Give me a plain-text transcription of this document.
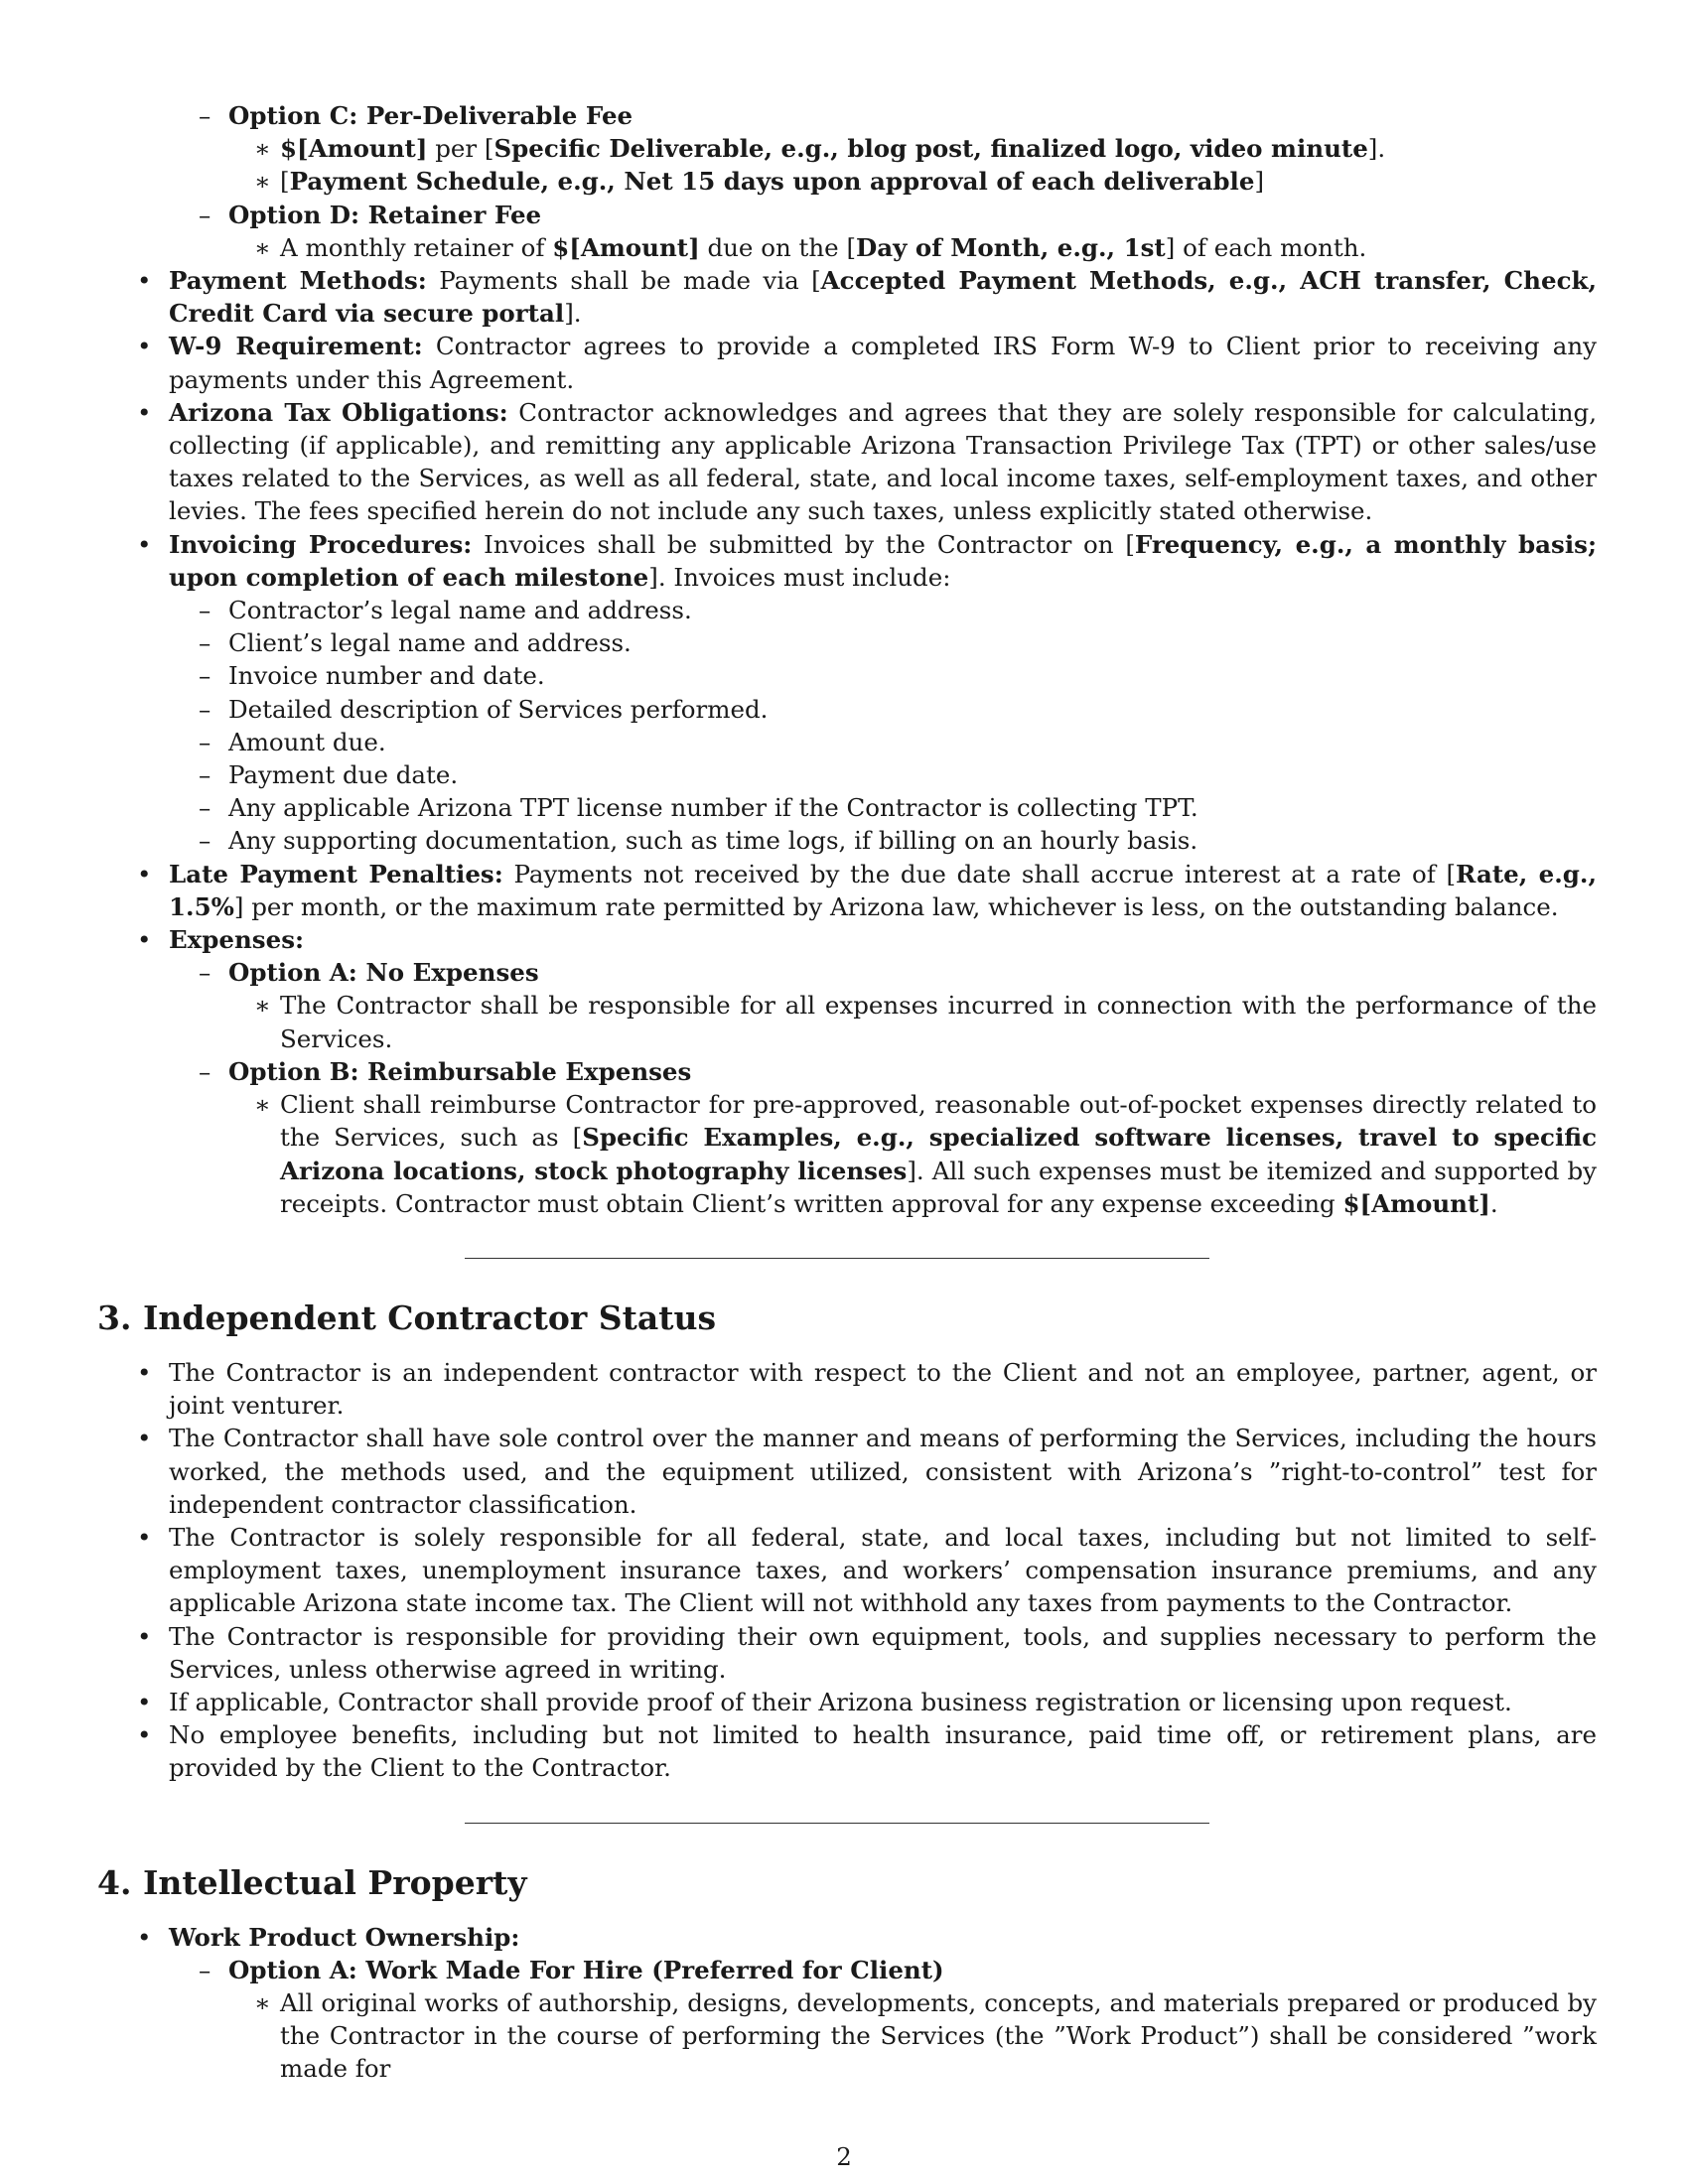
– Option C: Per-Deliverable Fee
∗ $[Amount] per [Specific Deliverable, e.g., blog post, finalized logo, video minute].
∗ [Payment Schedule, e.g., Net 15 days upon approval of each deliverable]
– Option D: Retainer Fee
∗ A monthly retainer of $[Amount] due on the [Day of Month, e.g., 1st] of each month.
• Payment Methods: Payments shall be made via [Accepted Payment Methods, e.g., ACH transfer, Check, Credit Card via secure portal].
• W-9 Requirement: Contractor agrees to provide a completed IRS Form W-9 to Client prior to receiving any payments under this Agreement.
• Arizona Tax Obligations: Contractor acknowledges and agrees that they are solely responsible for calculating, collecting (if applicable), and remitting any applicable Arizona Transaction Privilege Tax (TPT) or other sales/use taxes related to the Services, as well as all federal, state, and local income taxes, self-employment taxes, and other levies. The fees specified herein do not include any such taxes, unless explicitly stated otherwise.
• Invoicing Procedures: Invoices shall be submitted by the Contractor on [Frequency, e.g., a monthly basis; upon completion of each milestone]. Invoices must include:
– Contractor’s legal name and address.
– Client’s legal name and address.
– Invoice number and date.
– Detailed description of Services performed.
– Amount due.
– Payment due date.
– Any applicable Arizona TPT license number if the Contractor is collecting TPT.
– Any supporting documentation, such as time logs, if billing on an hourly basis.
• Late Payment Penalties: Payments not received by the due date shall accrue interest at a rate of [Rate, e.g., 1.5%] per month, or the maximum rate permitted by Arizona law, whichever is less, on the outstanding balance.
• Expenses:
– Option A: No Expenses
∗ The Contractor shall be responsible for all expenses incurred in connection with the performance of the Services.
– Option B: Reimbursable Expenses
∗ Client shall reimburse Contractor for pre-approved, reasonable out-of-pocket expenses directly related to the Services, such as [Specific Examples, e.g., specialized software licenses, travel to specific Arizona locations, stock photography licenses]. All such expenses must be itemized and supported by receipts. Contractor must obtain Client’s written approval for any expense exceeding $[Amount].
3. Independent Contractor Status
• The Contractor is an independent contractor with respect to the Client and not an employee, partner, agent, or joint venturer.
• The Contractor shall have sole control over the manner and means of performing the Services, including the hours worked, the methods used, and the equipment utilized, consistent with Arizona’s ”right-to-control” test for independent contractor classification.
• The Contractor is solely responsible for all federal, state, and local taxes, including but not limited to self-employment taxes, unemployment insurance taxes, and workers’ compensation insurance premiums, and any applicable Arizona state income tax. The Client will not withhold any taxes from payments to the Contractor.
• The Contractor is responsible for providing their own equipment, tools, and supplies necessary to perform the Services, unless otherwise agreed in writing.
• If applicable, Contractor shall provide proof of their Arizona business registration or licensing upon request.
• No employee benefits, including but not limited to health insurance, paid time off, or retirement plans, are provided by the Client to the Contractor.
4. Intellectual Property
• Work Product Ownership:
– Option A: Work Made For Hire (Preferred for Client)
∗ All original works of authorship, designs, developments, concepts, and materials prepared or produced by the Contractor in the course of performing the Services (the ”Work Product”) shall be considered ”work made for
2
